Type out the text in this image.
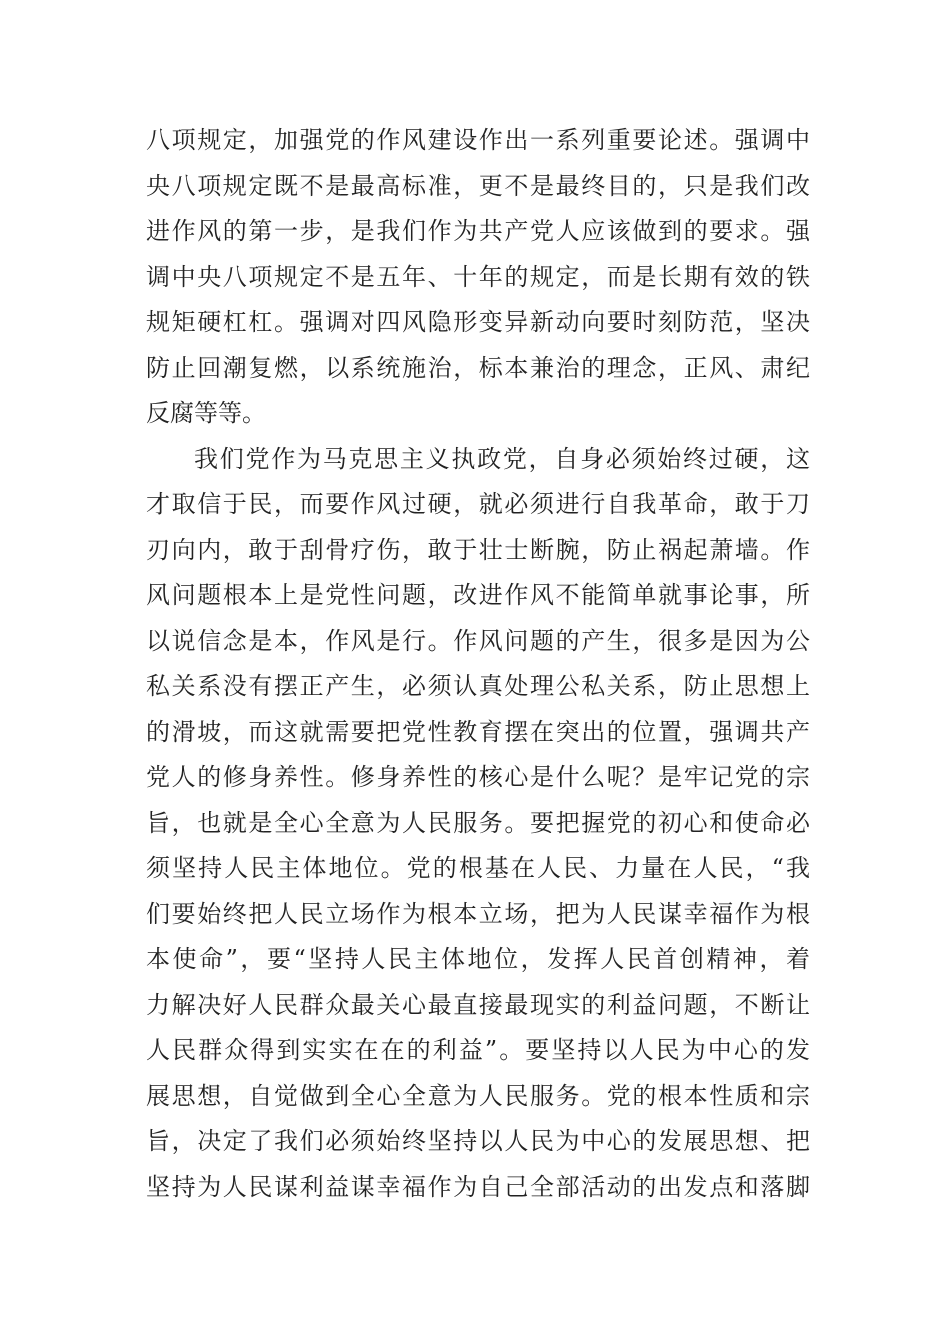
八项规定，加强党的作风建设作出一系列重要论述。强调中
央八项规定既不是最高标准，更不是最终目的，只是我们改
进作风的第一步，是我们作为共产党人应该做到的要求。强
调中央八项规定不是五年、十年的规定，而是长期有效的铁
规矩硬杠杠。强调对四风隐形变异新动向要时刻防范，坚决
防止回潮复燃，以系统施治，标本兼治的理念，正风、肃纪
反腐等等。
我们党作为马克思主义执政党，自身必须始终过硬，这
才取信于民，而要作风过硬，就必须进行自我革命，敢于刀
刃向内，敢于刮骨疗伤，敢于壮士断腕，防止祸起萧墙。作
风问题根本上是党性问题，改进作风不能简单就事论事，所
以说信念是本，作风是行。作风问题的产生，很多是因为公
私关系没有摆正产生，必须认真处理公私关系，防止思想上
的滑坡，而这就需要把党性教育摆在突出的位置，强调共产
党人的修身养性。修身养性的核心是什么呢？是牢记党的宗
旨，也就是全心全意为人民服务。要把握党的初心和使命必
须坚持人民主体地位。党的根基在人民、力量在人民，“我
们要始终把人民立场作为根本立场，把为人民谋幸福作为根
本使命”，要“坚持人民主体地位，发挥人民首创精神，着
力解决好人民群众最关心最直接最现实的利益问题，不断让
人民群众得到实实在在的利益”。要坚持以人民为中心的发
展思想，自觉做到全心全意为人民服务。党的根本性质和宗
旨，决定了我们必须始终坚持以人民为中心的发展思想、把
坚持为人民谋利益谋幸福作为自己全部活动的出发点和落脚
